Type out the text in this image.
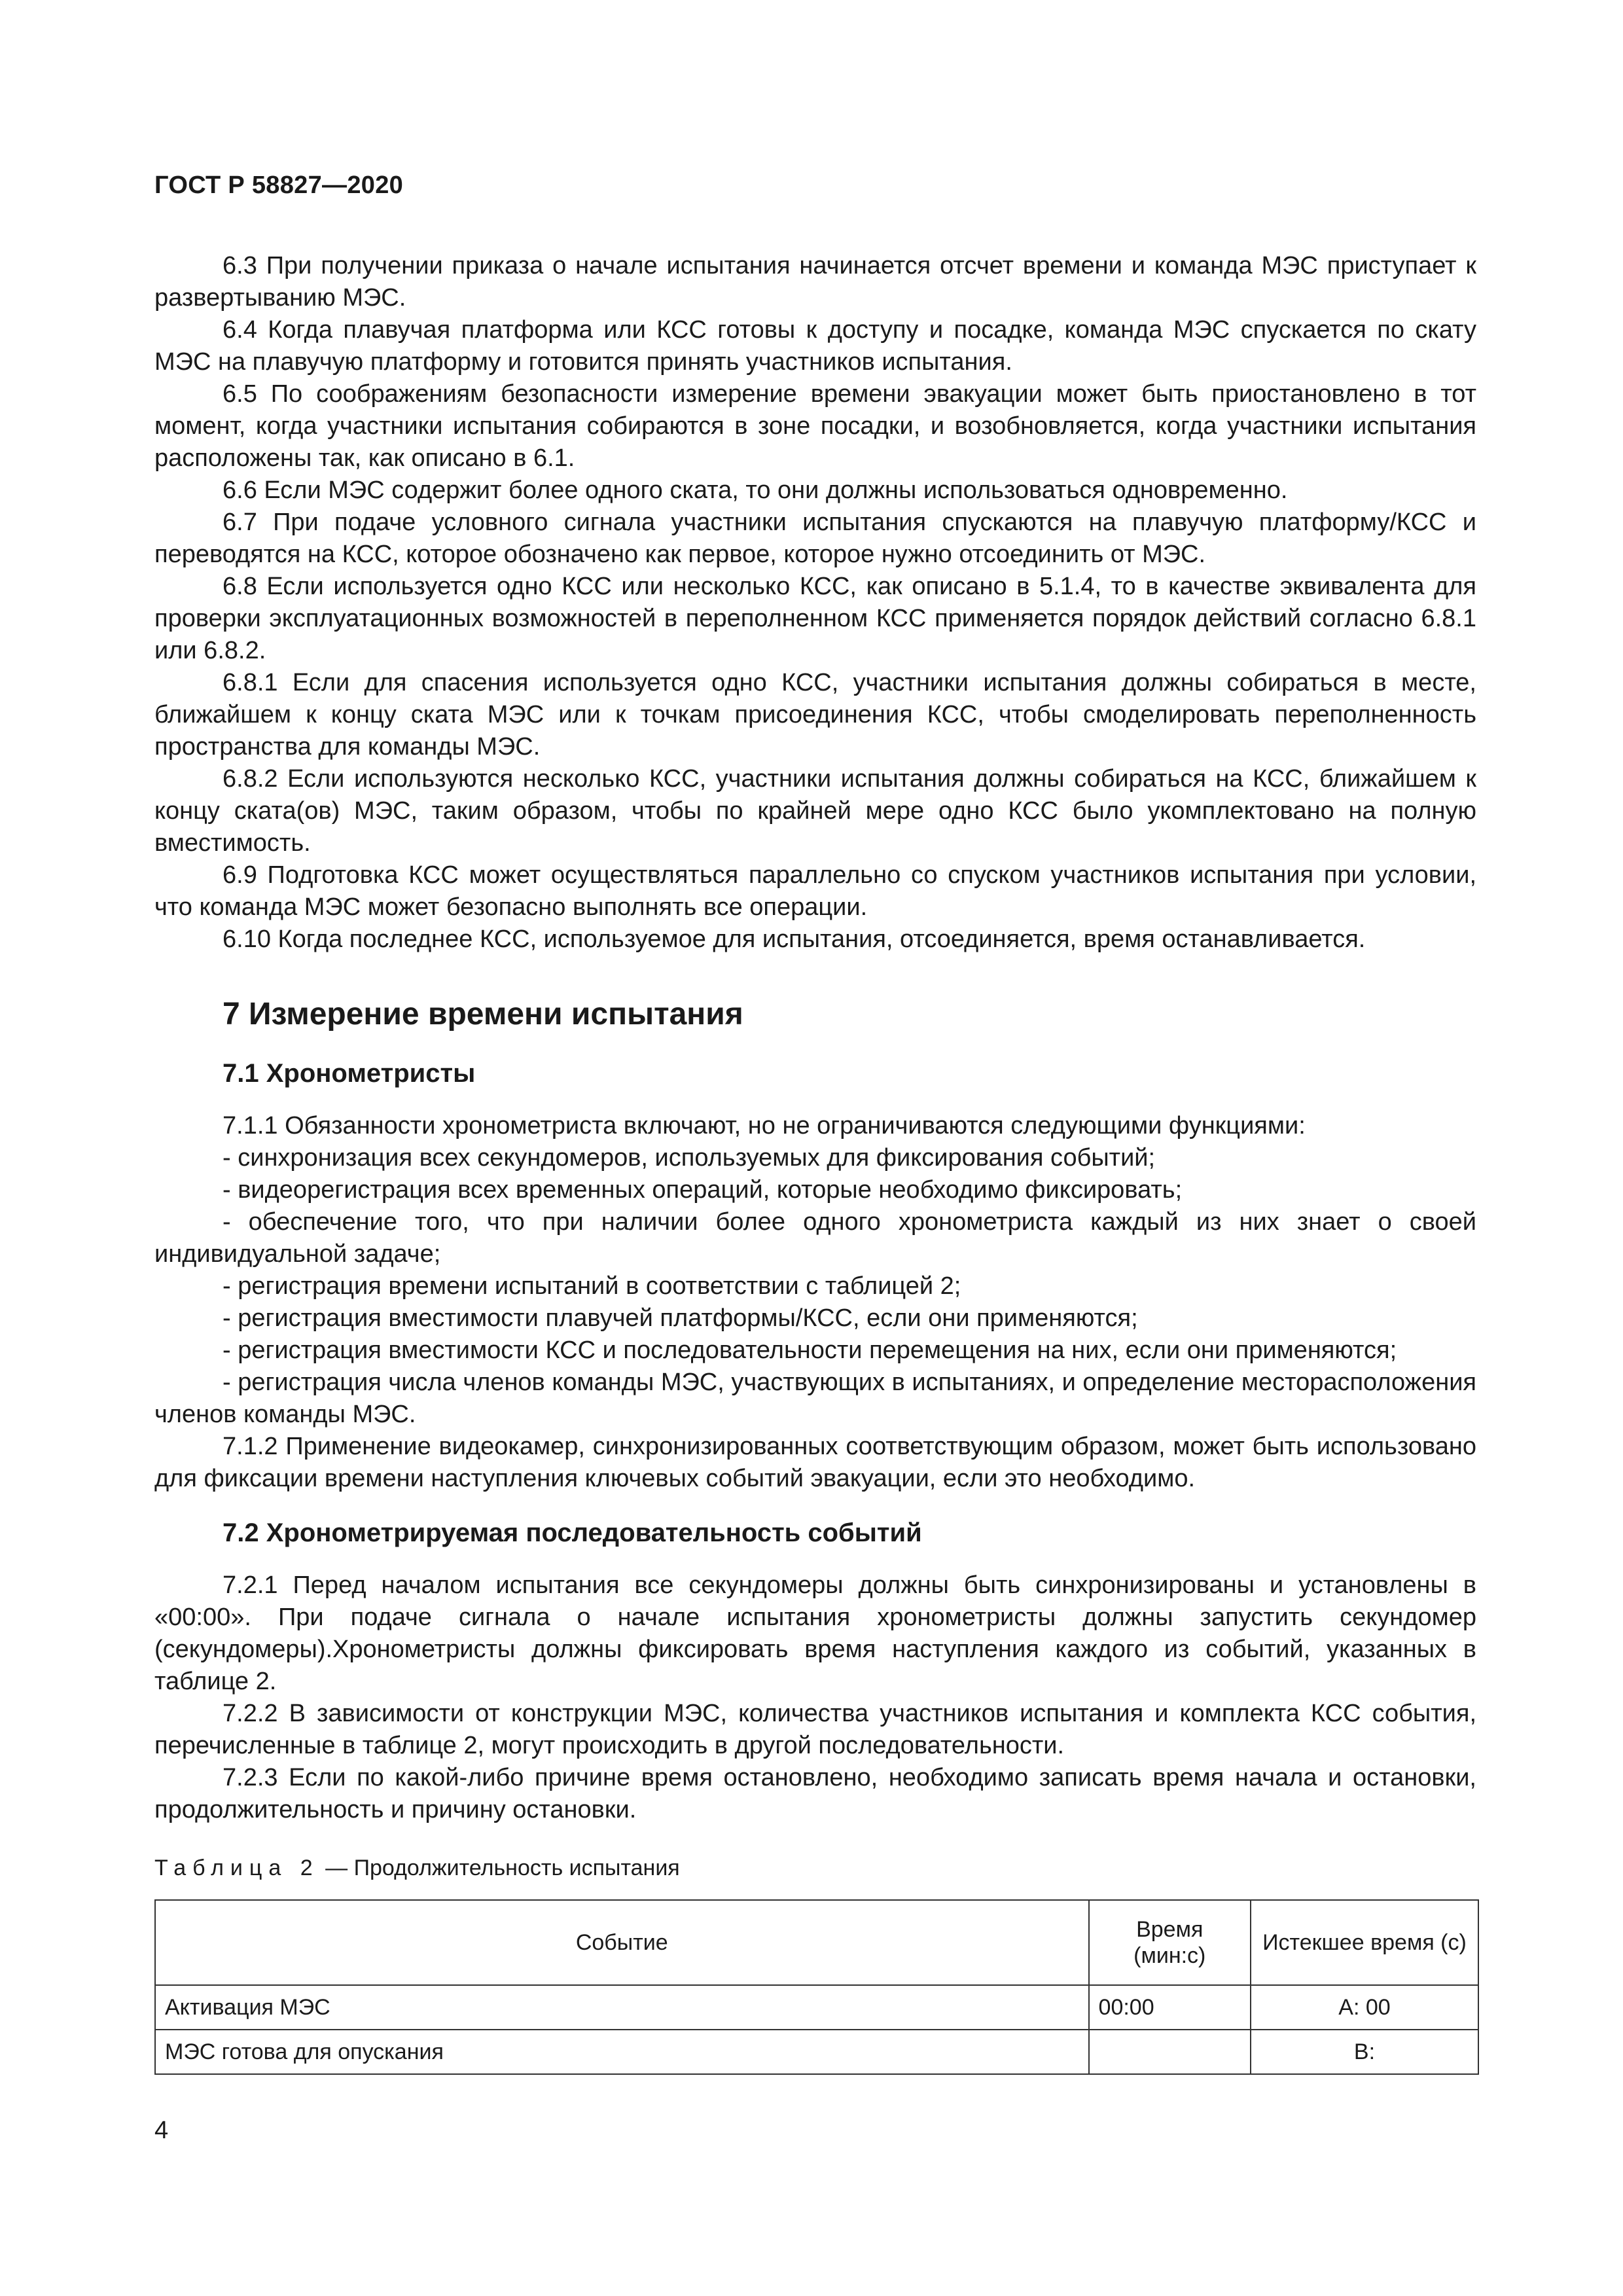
ГОСТ Р 58827—2020

6.3 При получении приказа о начале испытания начинается отсчет времени и команда МЭС приступает к развертыванию МЭС.

6.4 Когда плавучая платформа или КСС готовы к доступу и посадке, команда МЭС спускается по скату МЭС на плавучую платформу и готовится принять участников испытания.

6.5 По соображениям безопасности измерение времени эвакуации может быть приостановлено в тот момент, когда участники испытания собираются в зоне посадки, и возобновляется, когда участники испытания расположены так, как описано в 6.1.

6.6 Если МЭС содержит более одного ската, то они должны использоваться одновременно.

6.7 При подаче условного сигнала участники испытания спускаются на плавучую платформу/КСС и переводятся на КСС, которое обозначено как первое, которое нужно отсоединить от МЭС.

6.8 Если используется одно КСС или несколько КСС, как описано в 5.1.4, то в качестве эквивалента для проверки эксплуатационных возможностей в переполненном КСС применяется порядок действий согласно 6.8.1 или 6.8.2.

6.8.1 Если для спасения используется одно КСС, участники испытания должны собираться в месте, ближайшем к концу ската МЭС или к точкам присоединения КСС, чтобы смоделировать переполненность пространства для команды МЭС.

6.8.2 Если используются несколько КСС, участники испытания должны собираться на КСС, ближайшем к концу ската(ов) МЭС, таким образом, чтобы по крайней мере одно КСС было укомплектовано на полную вместимость.

6.9 Подготовка КСС может осуществляться параллельно со спуском участников испытания при условии, что команда МЭС может безопасно выполнять все операции.

6.10 Когда последнее КСС, используемое для испытания, отсоединяется, время останавливается.

7 Измерение времени испытания
7.1 Хронометристы

7.1.1 Обязанности хронометриста включают, но не ограничиваются следующими функциями:

- синхронизация всех секундомеров, используемых для фиксирования событий;

- видеорегистрация всех временных операций, которые необходимо фиксировать;

- обеспечение того, что при наличии более одного хронометриста каждый из них знает о своей индивидуальной задаче;

- регистрация времени испытаний в соответствии с таблицей 2;

- регистрация вместимости плавучей платформы/КСС, если они применяются;

- регистрация вместимости КСС и последовательности перемещения на них, если они применяются;

- регистрация числа членов команды МЭС, участвующих в испытаниях, и определение месторасположения членов команды МЭС.

7.1.2 Применение видеокамер, синхронизированных соответствующим образом, может быть использовано для фиксации времени наступления ключевых событий эвакуации, если это необходимо.

7.2 Хронометрируемая последовательность событий

7.2.1 Перед началом испытания все секундомеры должны быть синхронизированы и установлены в «00:00». При подаче сигнала о начале испытания хронометристы должны запустить секундомер (секундомеры).Хронометристы должны фиксировать время наступления каждого из событий, указанных в таблице 2.

7.2.2 В зависимости от конструкции МЭС, количества участников испытания и комплекта КСС события, перечисленные в таблице 2, могут происходить в другой последовательности.

7.2.3 Если по какой-либо причине время остановлено, необходимо записать время начала и остановки, продолжительность и причину остановки.

Таблица 2 — Продолжительность испытания
Событие	Время (мин:с)	Истекшее время (с)
Активация МЭС	00:00	А: 00
МЭС готова для опускания		В:
4
